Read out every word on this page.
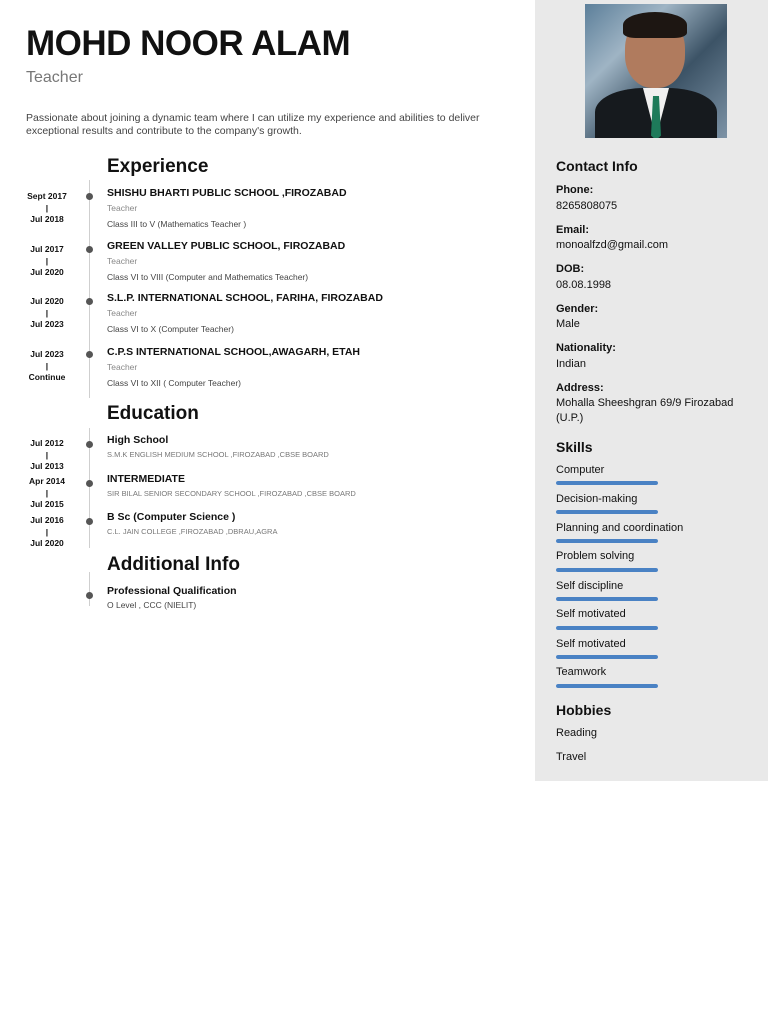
MOHD NOOR ALAM
Teacher
Passionate about joining a dynamic team where I can utilize my experience and abilities to deliver exceptional results and contribute to the company's growth.
Experience
Sept 2017
|
Jul 2018
SHISHU BHARTI PUBLIC SCHOOL ,FIROZABAD
Teacher
Class III to V (Mathematics Teacher )
Jul 2017
|
Jul 2020
GREEN VALLEY PUBLIC SCHOOL, FIROZABAD
Teacher
Class VI to VIII (Computer and Mathematics Teacher)
Jul 2020
|
Jul 2023
S.L.P. INTERNATIONAL SCHOOL, FARIHA, FIROZABAD
Teacher
Class VI to X (Computer Teacher)
Jul 2023
|
Continue
C.P.S INTERNATIONAL SCHOOL,AWAGARH, ETAH
Teacher
Class VI to XII ( Computer Teacher)
Education
Jul 2012
|
Jul 2013
High School
S.M.K ENGLISH MEDIUM SCHOOL ,FIROZABAD ,CBSE BOARD
Apr 2014
|
Jul 2015
INTERMEDIATE
SIR BILAL SENIOR SECONDARY SCHOOL ,FIROZABAD ,CBSE BOARD
Jul 2016
|
Jul 2020
B Sc (Computer Science )
C.L. JAIN COLLEGE ,FIROZABAD ,DBRAU,AGRA
Additional Info
Professional Qualification
O Level , CCC (NIELIT)
Contact Info
Phone:
8265808075
Email:
monoalfzd@gmail.com
DOB:
08.08.1998
Gender:
Male
Nationality:
Indian
Address:
Mohalla Sheeshgran 69/9 Firozabad (U.P.)
Skills
Computer
Decision-making
Planning and coordination
Problem solving
Self discipline
Self motivated
Self motivated
Teamwork
Hobbies
Reading
Travel
